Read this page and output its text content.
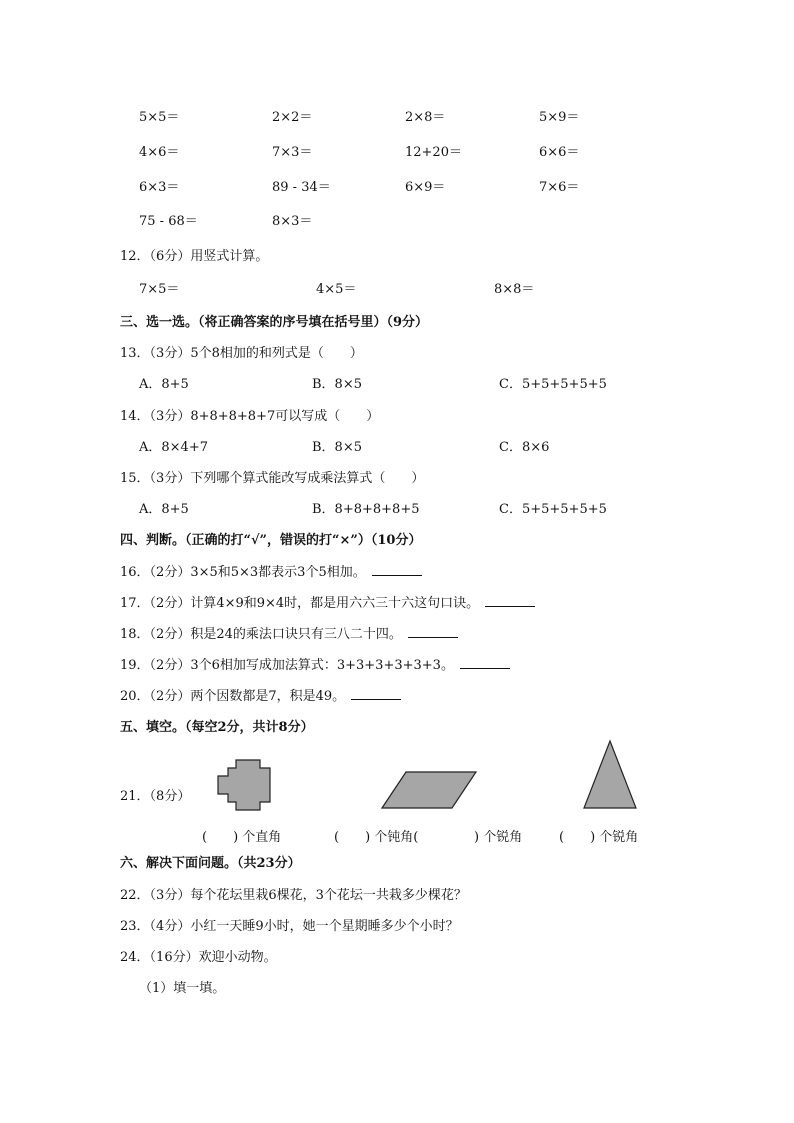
5×5＝	2×2＝	2×8＝	5×9＝
4×6＝	7×3＝	12+20＝	6×6＝
6×3＝	89 - 34＝	6×9＝	7×6＝
75 - 68＝	8×3＝
12．（6分）用竖式计算。
7×5＝	4×5＝	8×8＝
三、选一选。（将正确答案的序号填在括号里）（9分）
13．（3分）5个8相加的和列式是（　　）
A．8+5	B．8×5	C．5+5+5+5+5
14．（3分）8+8+8+8+7可以写成（　　）
A．8×4+7	B．8×5	C．8×6
15．（3分）下列哪个算式能改写成乘法算式（　　）
A．8+5	B．8+8+8+8+5	C．5+5+5+5+5
四、判断。（正确的打“√”，错误的打“×”）（10分）
16．（2分）3×5和5×3都表示3个5相加。
17．（2分）计算4×9和9×4时，都是用六六三十六这句口诀。
18．（2分）积是24的乘法口诀只有三八二十四。
19．（2分）3个6相加写成加法算式：3+3+3+3+3+3。
20．（2分）两个因数都是7，积是49。
五、填空。（每空2分，共计8分）
21．（8分）
(　　) 个直角	(　　) 个钝角(	) 个锐角	(　　) 个锐角
六、解决下面问题。（共23分）
22．（3分）每个花坛里栽6棵花，3个花坛一共栽多少棵花？
23．（4分）小红一天睡9小时，她一个星期睡多少个小时？
24．（16分）欢迎小动物。
（1）填一填。
